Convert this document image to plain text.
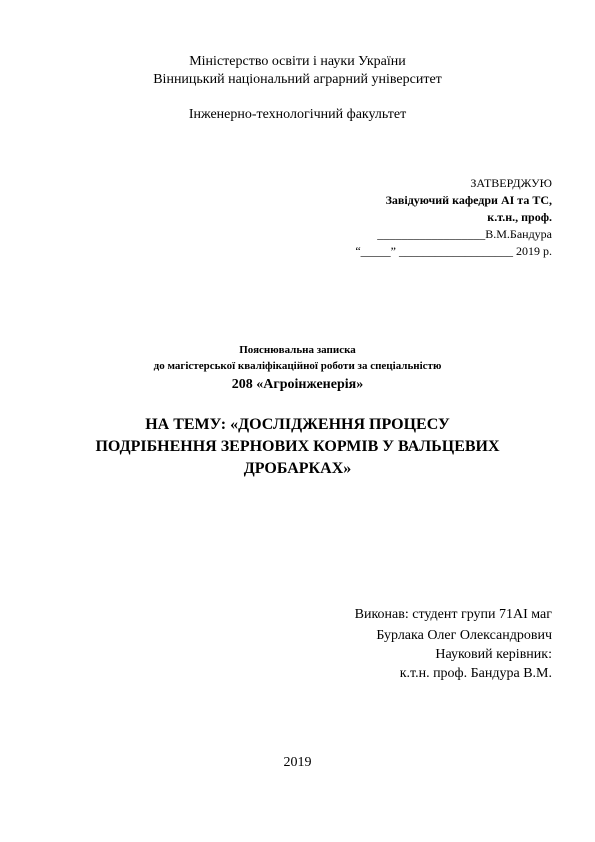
Міністерство освіти і науки України
Вінницький національний аграрний університет
Інженерно-технологічний факультет
ЗАТВЕРДЖУЮ
Завідуючий кафедри АІ та ТС,
к.т.н., проф.
__________________В.М.Бандура
“_____” ___________________ 2019 р.
Пояснювальна записка
до магістерської кваліфікаційної роботи за спеціальністю
208 «Агроінженерія»
НА ТЕМУ: «ДОСЛІДЖЕННЯ ПРОЦЕСУ
ПОДРІБНЕННЯ ЗЕРНОВИХ КОРМІВ У ВАЛЬЦЕВИХ
ДРОБАРКАХ»
Виконав: студент групи 71АІ маг
Бурлака Олег Олександрович
Науковий керівник:
к.т.н. проф. Бандура В.М.
2019
